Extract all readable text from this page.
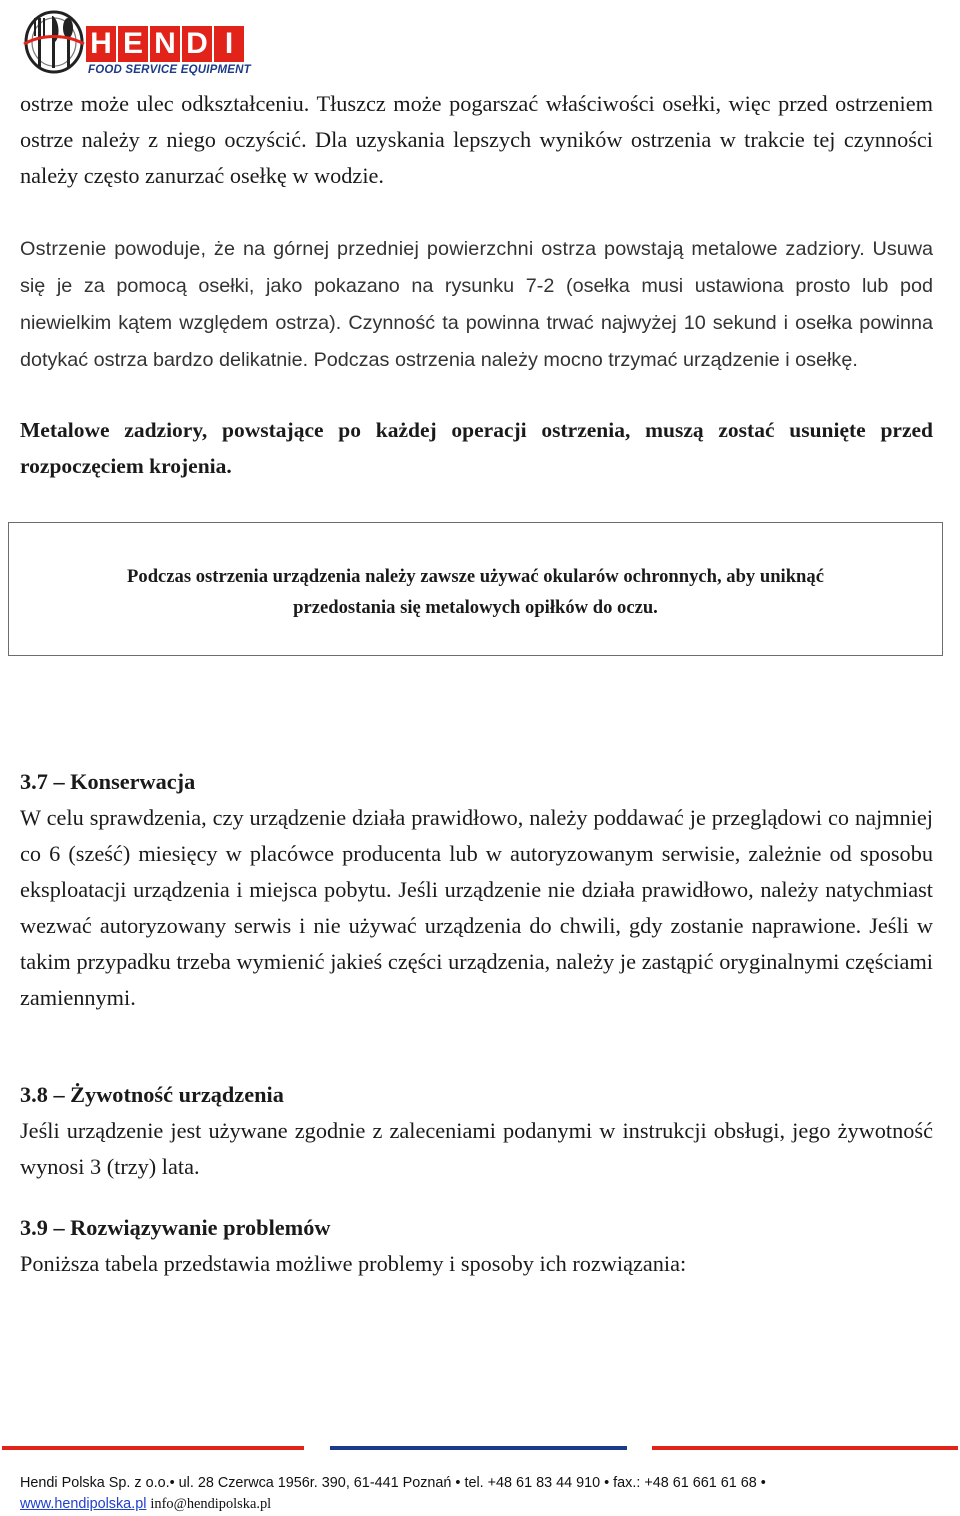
H E N D I
FOOD SERVICE EQUIPMENT

ostrze może ulec odkształceniu. Tłuszcz może pogarszać właściwości osełki, więc przed ostrzeniem ostrze należy z niego oczyścić. Dla uzyskania lepszych wyników ostrzenia w trakcie tej czynności należy często zanurzać osełkę w wodzie.

Ostrzenie powoduje, że na górnej przedniej powierzchni ostrza powstają metalowe zadziory. Usuwa się je za pomocą osełki, jako pokazano na rysunku 7-2 (osełka musi ustawiona prosto lub pod niewielkim kątem względem ostrza). Czynność ta powinna trwać najwyżej 10 sekund i osełka powinna dotykać ostrza bardzo delikatnie. Podczas ostrzenia należy mocno trzymać urządzenie i osełkę.

Metalowe zadziory, powstające po każdej operacji ostrzenia, muszą zostać usunięte przed rozpoczęciem krojenia.

Podczas ostrzenia urządzenia należy zawsze używać okularów ochronnych, aby uniknąć
przedostania się metalowych opiłków do oczu.

3.7 – Konserwacja

W celu sprawdzenia, czy urządzenie działa prawidłowo, należy poddawać je przeglądowi co najmniej co 6 (sześć) miesięcy w placówce producenta lub w autoryzowanym serwisie, zależnie od sposobu eksploatacji urządzenia i miejsca pobytu. Jeśli urządzenie nie działa prawidłowo, należy natychmiast wezwać autoryzowany serwis i nie używać urządzenia do chwili, gdy zostanie naprawione. Jeśli w takim przypadku trzeba wymienić jakieś części urządzenia, należy je zastąpić oryginalnymi częściami zamiennymi.

3.8 – Żywotność urządzenia

Jeśli urządzenie jest używane zgodnie z zaleceniami podanymi w instrukcji obsługi, jego żywotność wynosi 3 (trzy) lata.

3.9 – Rozwiązywanie problemów

Poniższa tabela przedstawia możliwe problemy i sposoby ich rozwiązania:

Hendi Polska Sp. z o.o.• ul. 28 Czerwca 1956r. 390, 61-441 Poznań • tel. +48 61 83 44 910 • fax.: +48 61 661 61 68 •
www.hendipolska.pl info@hendipolska.pl
